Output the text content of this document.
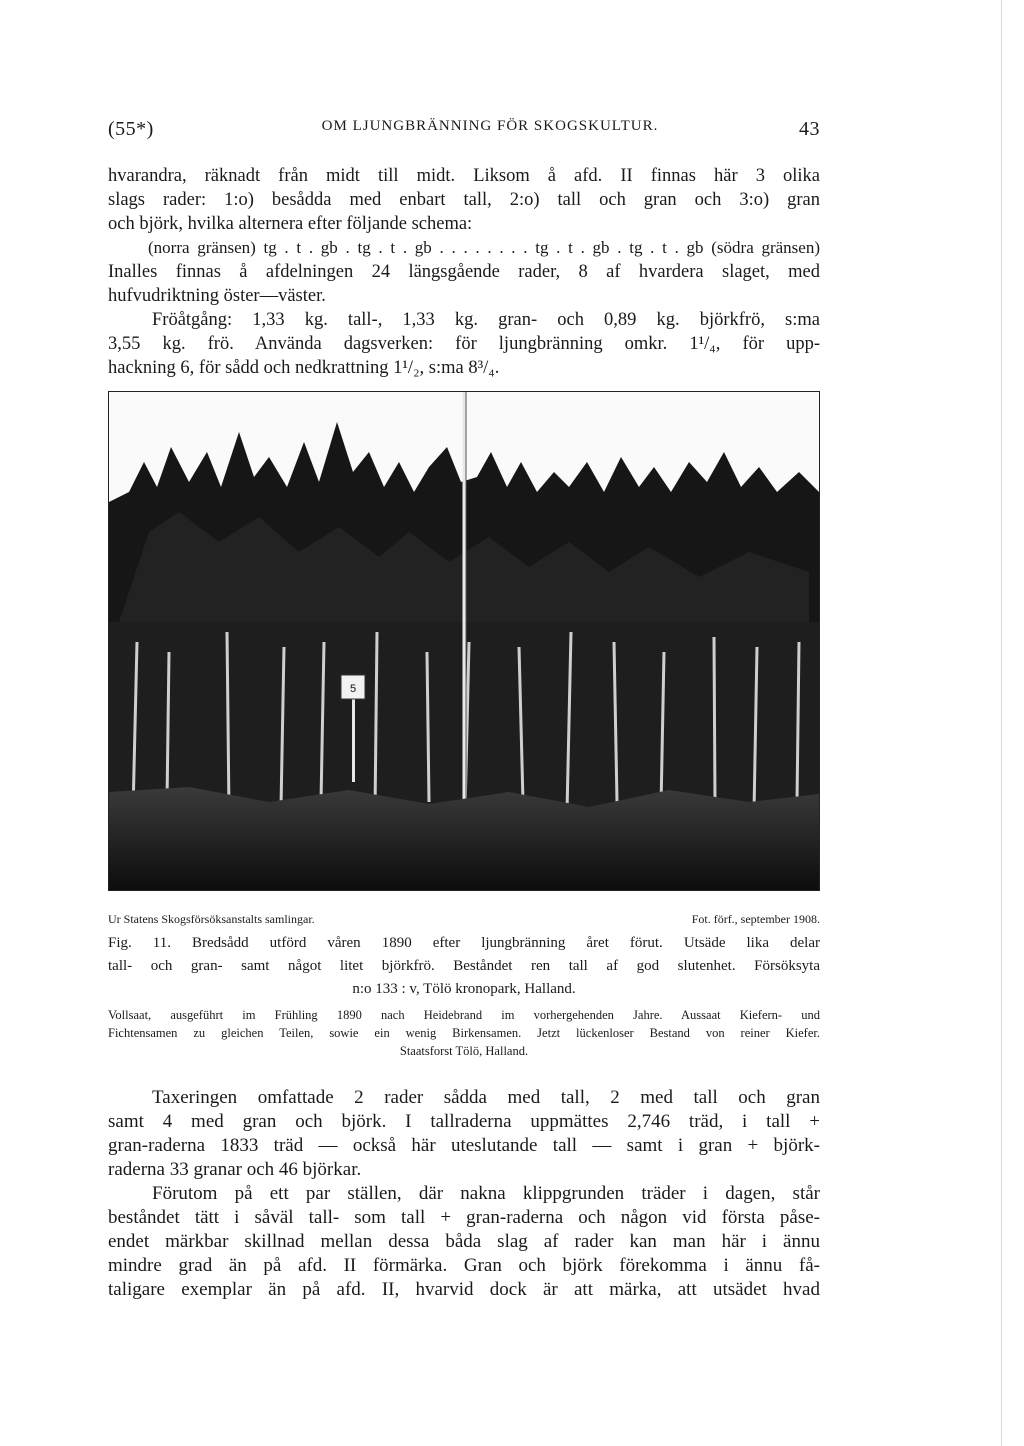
(55*)	OM LJUNGBRÄNNING FÖR SKOGSKULTUR.	43
hvarandra, räknadt från midt till midt. Liksom å afd. II finnas här 3 olika
slags rader: 1:o) besådda med enbart tall, 2:o) tall och gran och 3:o) gran
och björk, hvilka alternera efter följande schema:
(norra gränsen) tg . t . gb . tg . t . gb . . . . . . . . tg . t . gb . tg . t . gb (södra gränsen)
Inalles finnas å afdelningen 24 längsgående rader, 8 af hvardera slaget, med
hufvudriktning öster—väster.
Fröåtgång: 1,33 kg. tall-, 1,33 kg. gran- och 0,89 kg. björkfrö, s:ma
3,55 kg. frö. Använda dagsverken: för ljungbränning omkr. 1¹/₄, för upp-
hackning 6, för sådd och nedkrattning 1¹/₂, s:ma 8³/₄.
5
Ur Statens Skogsförsöksanstalts samlingar.	Fot. förf., september 1908.
Fig. 11. Bredsådd utförd våren 1890 efter ljungbränning året förut. Utsäde lika delar
tall- och gran- samt något litet björkfrö. Beståndet ren tall af god slutenhet. Försöksyta
n:o 133 : v, Tölö kronopark, Halland.
Vollsaat, ausgeführt im Frühling 1890 nach Heidebrand im vorhergehenden Jahre. Aussaat Kiefern- und
Fichtensamen zu gleichen Teilen, sowie ein wenig Birkensamen. Jetzt lückenloser Bestand von reiner Kiefer.
Staatsforst Tölö, Halland.
Taxeringen omfattade 2 rader sådda med tall, 2 med tall och gran
samt 4 med gran och björk. I tallraderna uppmättes 2,746 träd, i tall +
gran-raderna 1833 träd — också här uteslutande tall — samt i gran + björk-
raderna 33 granar och 46 björkar.
Förutom på ett par ställen, där nakna klippgrunden träder i dagen, står
beståndet tätt i såväl tall- som tall + gran-raderna och någon vid första påse-
endet märkbar skillnad mellan dessa båda slag af rader kan man här i ännu
mindre grad än på afd. II förmärka. Gran och björk förekomma i ännu få-
taligare exemplar än på afd. II, hvarvid dock är att märka, att utsädet hvad
